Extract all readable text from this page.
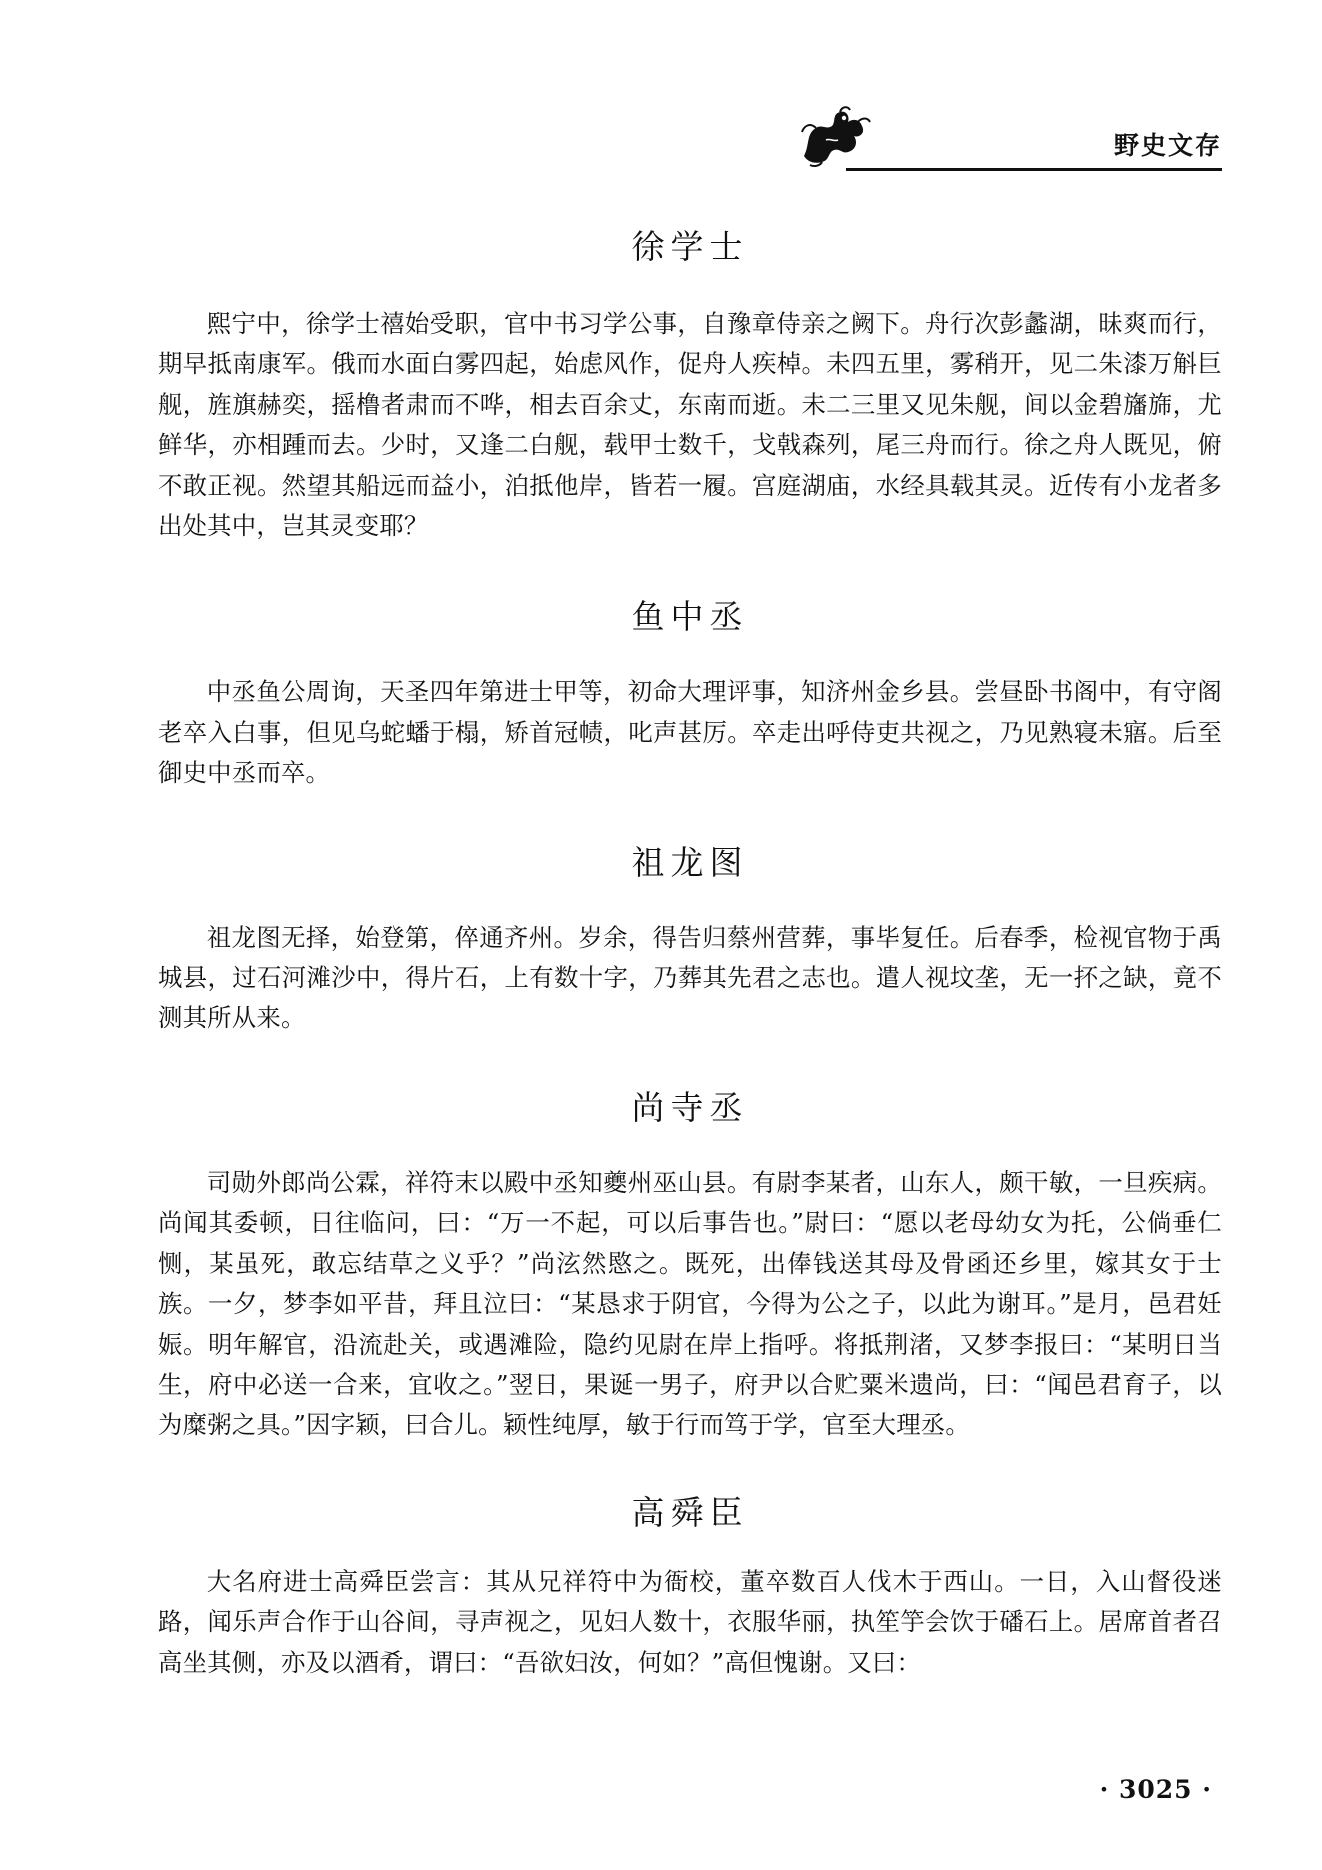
野史文存
徐学士

熙宁中，徐学士禧始受职，官中书习学公事，自豫章侍亲之阙下。舟行次彭蠡湖，昧爽而行，期早抵南康军。俄而水面白雾四起，始虑风作，促舟人疾棹。未四五里，雾稍开，见二朱漆万斛巨舰，旌旗赫奕，摇橹者肃而不哗，相去百余丈，东南而逝。未二三里又见朱舰，间以金碧旛旆，尤鲜华，亦相踵而去。少时，又逢二白舰，载甲士数千，戈戟森列，尾三舟而行。徐之舟人既见，俯不敢正视。然望其船远而益小，泊抵他岸，皆若一履。宫庭湖庙，水经具载其灵。近传有小龙者多出处其中，岂其灵变耶？

鱼中丞

中丞鱼公周询，天圣四年第进士甲等，初命大理评事，知济州金乡县。尝昼卧书阁中，有守阁老卒入白事，但见乌蛇蟠于榻，矫首冠帻，叱声甚厉。卒走出呼侍吏共视之，乃见熟寝未寤。后至御史中丞而卒。

祖龙图

祖龙图无择，始登第，倅通齐州。岁余，得告归蔡州营葬，事毕复任。后春季，检视官物于禹城县，过石河滩沙中，得片石，上有数十字，乃葬其先君之志也。遣人视坟垄，无一抔之缺，竟不测其所从来。

尚寺丞

司勋外郎尚公霖，祥符末以殿中丞知夔州巫山县。有尉李某者，山东人，颇干敏，一旦疾病。尚闻其委顿，日往临问，曰：“万一不起，可以后事告也。”尉曰：“愿以老母幼女为托，公倘垂仁恻，某虽死，敢忘结草之义乎？”尚泫然愍之。既死，出俸钱送其母及骨函还乡里，嫁其女于士族。一夕，梦李如平昔，拜且泣曰：“某恳求于阴官，今得为公之子，以此为谢耳。”是月，邑君妊娠。明年解官，沿流赴关，或遇滩险，隐约见尉在岸上指呼。将抵荆渚，又梦李报曰：“某明日当生，府中必送一合来，宜收之。”翌日，果诞一男子，府尹以合贮粟米遗尚，曰：“闻邑君育子，以为糜粥之具。”因字颖，曰合儿。颖性纯厚，敏于行而笃于学，官至大理丞。

高舜臣

大名府进士高舜臣尝言：其从兄祥符中为衙校，董卒数百人伐木于西山。一日，入山督役迷路，闻乐声合作于山谷间，寻声视之，见妇人数十，衣服华丽，执笙竽会饮于磻石上。居席首者召高坐其侧，亦及以酒肴，谓曰：“吾欲妇汝，何如？”高但愧谢。又曰：

· 3025 ·
